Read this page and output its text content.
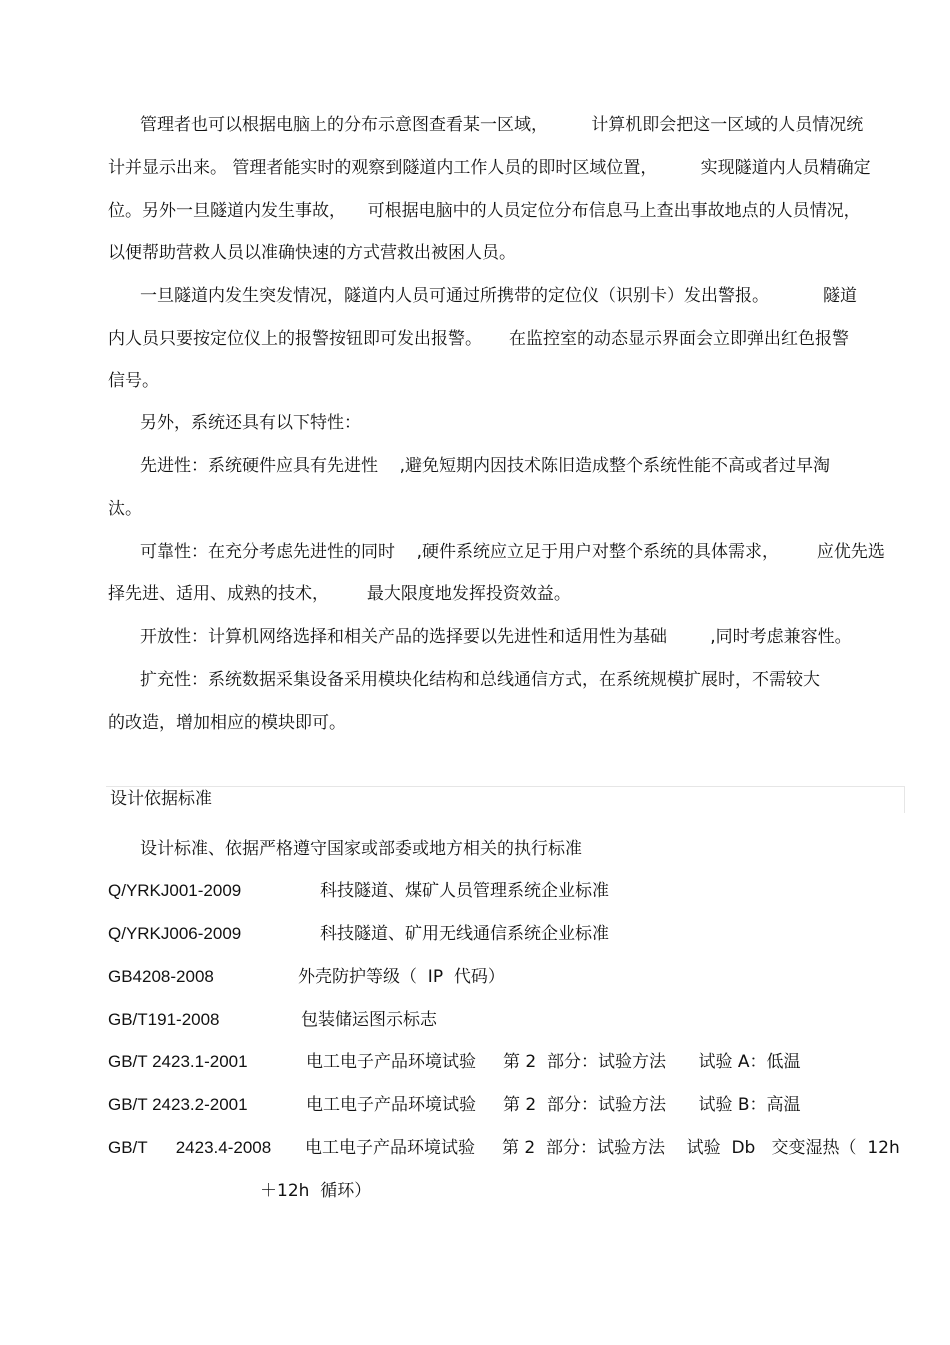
管理者也可以根据电脑上的分布示意图查看某一区域，        计算机即会把这一区域的人员情况统
计并显示出来。 管理者能实时的观察到隧道内工作人员的即时区域位置，        实现隧道内人员精确定
位。另外一旦隧道内发生事故，    可根据电脑中的人员定位分布信息马上查出事故地点的人员情况，
以便帮助营救人员以准确快速的方式营救出被困人员。
一旦隧道内发生突发情况，隧道内人员可通过所携带的定位仪（识别卡）发出警报。          隧道
内人员只要按定位仪上的报警按钮即可发出报警。     在监控室的动态显示界面会立即弹出红色报警
信号。
另外，系统还具有以下特性：
先进性：系统硬件应具有先进性    ,避免短期内因技术陈旧造成整个系统性能不高或者过早淘
汰。
可靠性：在充分考虑先进性的同时    ,硬件系统应立足于用户对整个系统的具体需求，       应优先选
择先进、适用、成熟的技术，       最大限度地发挥投资效益。
开放性：计算机网络选择和相关产品的选择要以先进性和适用性为基础        ,同时考虑兼容性。
扩充性：系统数据采集设备采用模块化结构和总线通信方式，在系统规模扩展时，不需较大
的改造，增加相应的模块即可。
设计依据标准
设计标准、依据严格遵守国家或部委或地方相关的执行标准

Q/YRKJ001-2009

	科技隧道、煤矿人员管理系统企业标准

Q/YRKJ006-2009

	科技隧道、矿用无线通信系统企业标准

GB4208-2008

	外壳防护等级（  IP  代码）

GB/T191-2008

	包装储运图示标志

GB/T 2423.1-2001

	电工电子产品环境试验     第 2  部分：试验方法      试验 A：低温

GB/T 2423.2-2001

	电工电子产品环境试验     第 2  部分：试验方法      试验 B：高温

GB/T      2423.4-2008

电工电子产品环境试验     第 2  部分：试验方法    试验  Db   交变湿热（  12h

＋12h  循环）
